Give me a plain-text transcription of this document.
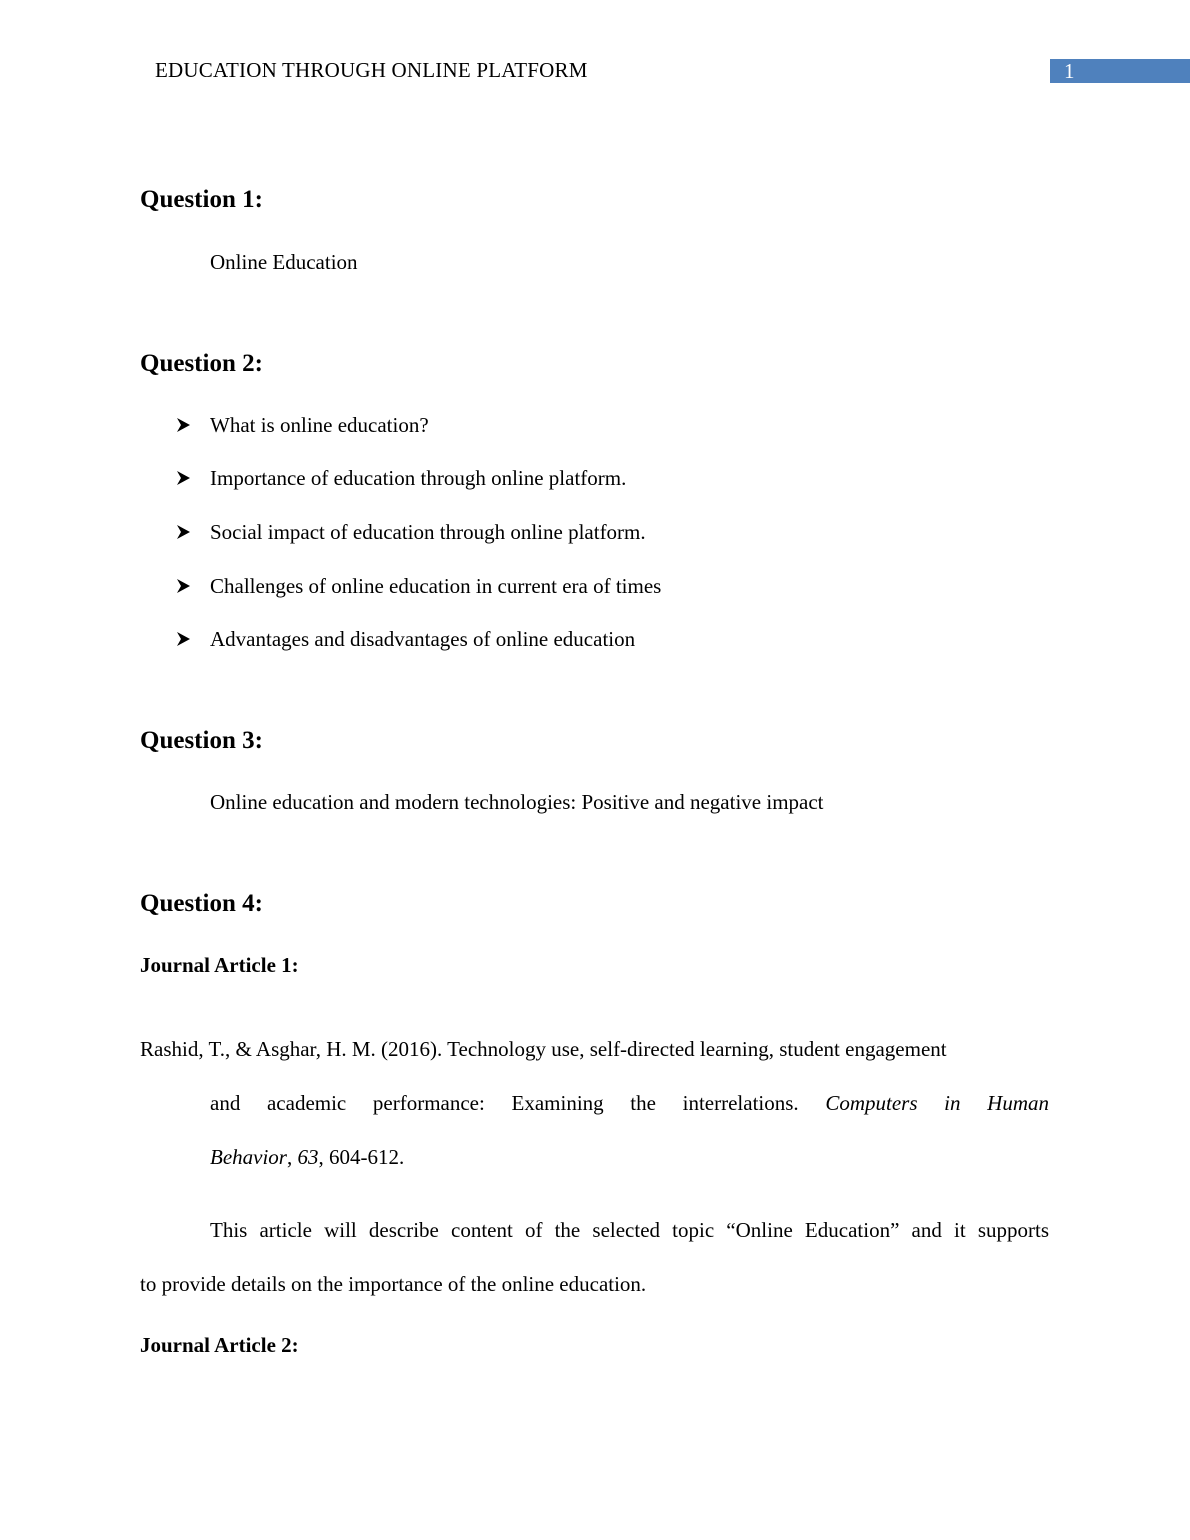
EDUCATION THROUGH ONLINE PLATFORM	1
Question 1:
Online Education
Question 2:
What is online education?
Importance of education through online platform.
Social impact of education through online platform.
Challenges of online education in current era of times
Advantages and disadvantages of online education
Question 3:
Online education and modern technologies: Positive and negative impact
Question 4:
Journal Article 1:
Rashid, T., & Asghar, H. M. (2016). Technology use, self-directed learning, student engagement
and academic performance: Examining the interrelations. Computers in Human
Behavior, 63, 604-612.
This article will describe content of the selected topic “Online Education” and it supports
to provide details on the importance of the online education.
Journal Article 2:
